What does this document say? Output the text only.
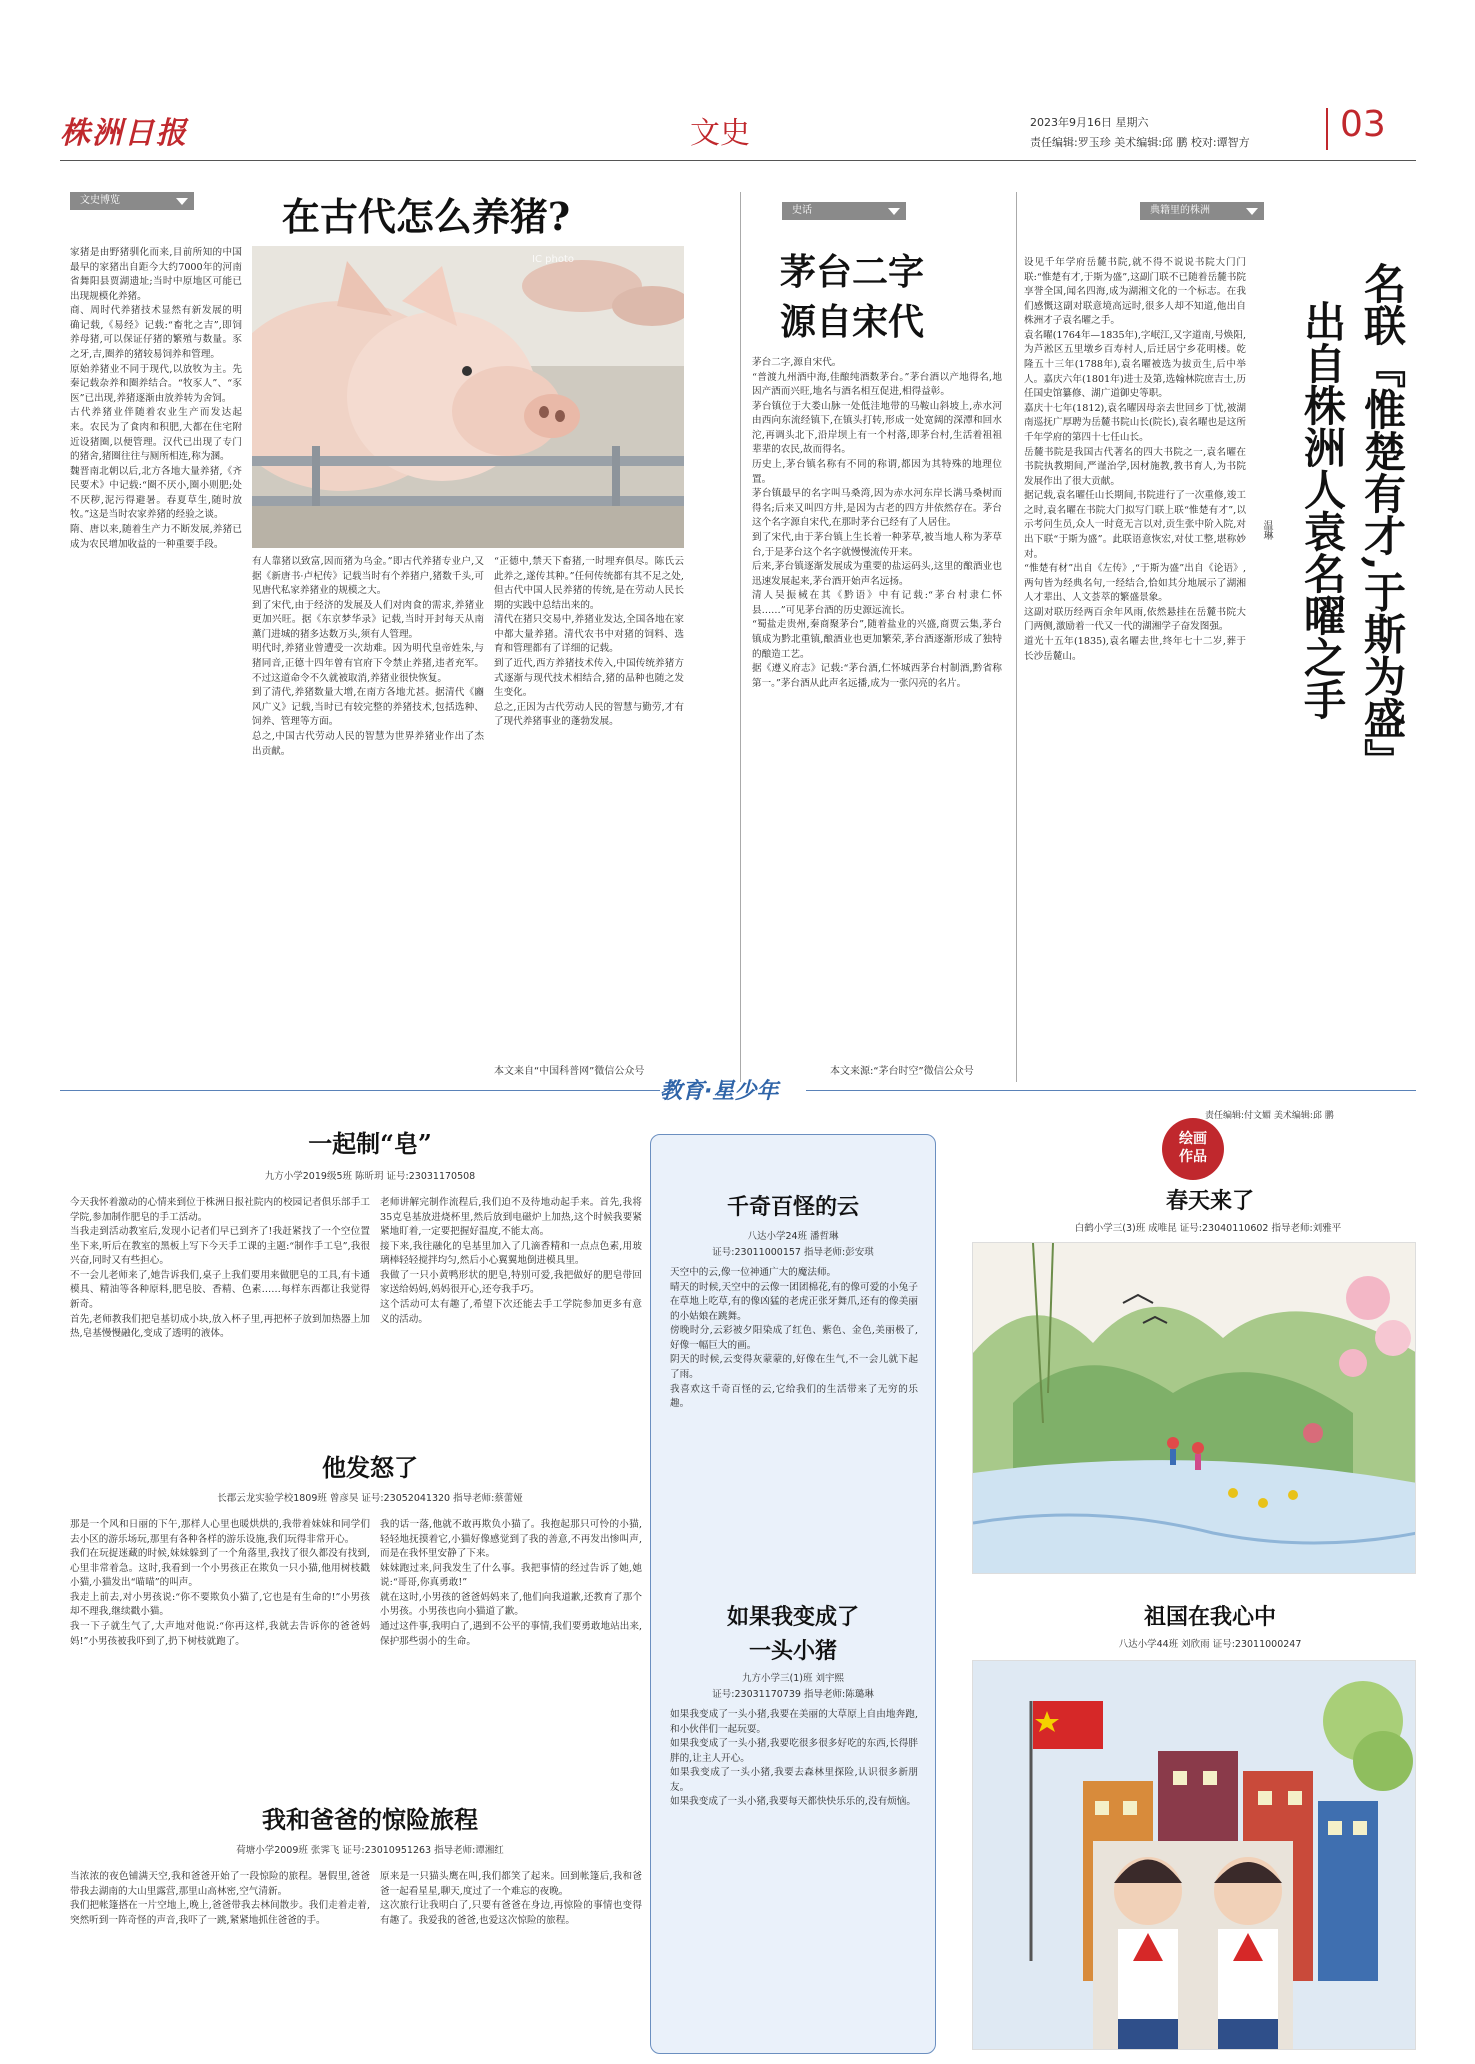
株洲日报	文史	2023年9月16日 星期六
责任编辑:罗玉珍 美术编辑:邱 鹏 校对:谭智方	03
文史博览	在古代怎么养猪?
IC photo
家猪是由野猪驯化而来,目前所知的中国最早的家猪出自距今大约7000年的河南省舞阳县贾湖遗址;当时中原地区可能已出现规模化养猪。
商、周时代养猪技术显然有新发展的明确记载,《易经》记载:“畜牝之吉”,即饲养母猪,可以保证仔猪的繁殖与数量。豕之牙,吉,圈养的猪较易饲养和管理。
原始养猪业不同于现代,以放牧为主。先秦记载杂养和圈养结合。“牧豕人”、“豕医”已出现,养猪逐渐由放养转为舍饲。
古代养猪业伴随着农业生产而发达起来。农民为了食肉和积肥,大都在住宅附近设猪圈,以便管理。汉代已出现了专门的猪舍,猪圈往往与厕所相连,称为溷。
魏晋南北朝以后,北方各地大量养猪,《齐民要术》中记载:“圈不厌小,圈小则肥;处不厌秽,泥污得避暑。春夏草生,随时放牧。”这是当时农家养猪的经验之谈。
隋、唐以来,随着生产力不断发展,养猪已成为农民增加收益的一种重要手段。
有人靠猪以致富,因而猪为乌金。”即古代养猪专业户,又据《新唐书·卢杞传》记载当时有个养猪户,猪数千头,可见唐代私家养猪业的规模之大。
到了宋代,由于经济的发展及人们对肉食的需求,养猪业更加兴旺。据《东京梦华录》记载,当时开封每天从南薰门进城的猪多达数万头,须有人管理。
明代时,养猪业曾遭受一次劫难。因为明代皇帝姓朱,与猪同音,正德十四年曾有官府下令禁止养猪,违者充军。不过这道命令不久就被取消,养猪业很快恢复。
到了清代,养猪数量大增,在南方各地尤甚。据清代《豳风广义》记载,当时已有较完整的养猪技术,包括选种、饲养、管理等方面。
总之,中国古代劳动人民的智慧为世界养猪业作出了杰出贡献。
“正德中,禁天下畜猪,一时埋弃俱尽。陈氏云此养之,遂传其种。”任何传统都有其不足之处,但古代中国人民养猪的传统,是在劳动人民长期的实践中总结出来的。
清代在猪只交易中,养猪业发达,全国各地在家中都大量养猪。清代农书中对猪的饲料、选育和管理都有了详细的记载。
到了近代,西方养猪技术传入,中国传统养猪方式逐渐与现代技术相结合,猪的品种也随之发生变化。
总之,正因为古代劳动人民的智慧与勤劳,才有了现代养猪事业的蓬勃发展。
本文来自“中国科普网”微信公众号
史话
茅台二字
源自宋代
茅台二字,源自宋代。
“普渡九州酒中海,佳酿纯酒数茅台。”茅台酒以产地得名,地因产酒而兴旺,地名与酒名相互促进,相得益彰。
茅台镇位于大娄山脉一处低洼地带的马鞍山斜坡上,赤水河由西向东流经镇下,在镇头打转,形成一处宽阔的深潭和回水沱,再调头北下,沿岸坝上有一个村落,即茅台村,生活着祖祖辈辈的农民,故而得名。
历史上,茅台镇名称有不同的称谓,都因为其特殊的地理位置。
茅台镇最早的名字叫马桑湾,因为赤水河东岸长满马桑树而得名;后来又叫四方井,是因为古老的四方井依然存在。茅台这个名字源自宋代,在那时茅台已经有了人居住。
到了宋代,由于茅台镇上生长着一种茅草,被当地人称为茅草台,于是茅台这个名字就慢慢流传开来。
后来,茅台镇逐渐发展成为重要的盐运码头,这里的酿酒业也迅速发展起来,茅台酒开始声名远扬。
清人吴振棫在其《黔语》中有记载:“茅台村隶仁怀县……”可见茅台酒的历史源远流长。
“蜀盐走贵州,秦商聚茅台”,随着盐业的兴盛,商贾云集,茅台镇成为黔北重镇,酿酒业也更加繁荣,茅台酒逐渐形成了独特的酿造工艺。
据《遵义府志》记载:“茅台酒,仁怀城西茅台村制酒,黔省称第一。”茅台酒从此声名远播,成为一张闪亮的名片。
本文来源:“茅台时空”微信公众号
典籍里的株洲
设见千年学府岳麓书院,就不得不说说书院大门门联:“惟楚有才,于斯为盛”,这副门联不已随着岳麓书院享誉全国,闻名四海,成为湖湘文化的一个标志。在我们感慨这副对联意境高远时,很多人却不知道,他出自株洲才子袁名曜之手。
袁名曜(1764年—1835年),字岷江,又字道南,号焕阳,为芦淞区五里墩乡百寿村人,后迁居宁乡花明楼。乾隆五十三年(1788年),袁名曜被选为拔贡生,后中举人。嘉庆六年(1801年)进士及第,选翰林院庶吉士,历任国史馆纂修、湖广道御史等职。
嘉庆十七年(1812),袁名曜因母亲去世回乡丁忧,被湖南巡抚广厚聘为岳麓书院山长(院长),袁名曜也是这所千年学府的第四十七任山长。
岳麓书院是我国古代著名的四大书院之一,袁名曜在书院执教期间,严谨治学,因材施教,教书育人,为书院发展作出了很大贡献。
据记载,袁名曜任山长期间,书院进行了一次重修,竣工之时,袁名曜在书院大门拟写门联上联“惟楚有才”,以示考问生员,众人一时竟无言以对,贡生张中阶入院,对出下联“于斯为盛”。此联语意恢宏,对仗工整,堪称妙对。
“惟楚有材”出自《左传》,“于斯为盛”出自《论语》,两句皆为经典名句,一经结合,恰如其分地展示了湖湘人才辈出、人文荟萃的繁盛景象。
这副对联历经两百余年风雨,依然悬挂在岳麓书院大门两侧,激励着一代又一代的湖湘学子奋发图强。
道光十五年(1835),袁名曜去世,终年七十二岁,葬于长沙岳麓山。
温琳 名联『惟楚有才,于斯为盛』
出自株洲人袁名曜之手
教育·星少年
责任编辑:付文媚 美术编辑:邱 鹏
一起制“皂”
九方小学2019级5班 陈昕玥 证号:23031170508
今天我怀着激动的心情来到位于株洲日报社院内的校园记者俱乐部手工学院,参加制作肥皂的手工活动。
当我走到活动教室后,发现小记者们早已到齐了!我赶紧找了一个空位置坐下来,听后在教室的黑板上写下今天手工课的主题:“制作手工皂”,我很兴奋,同时又有些担心。
不一会儿老师来了,她告诉我们,桌子上我们要用来做肥皂的工具,有卡通模具、精油等各种原料,肥皂胶、香精、色素……每样东西都让我觉得新奇。
首先,老师教我们把皂基切成小块,放入杯子里,再把杯子放到加热器上加热,皂基慢慢融化,变成了透明的液体。
老师讲解完制作流程后,我们迫不及待地动起手来。首先,我将35克皂基放进烧杯里,然后放到电磁炉上加热,这个时候我要紧紧地盯着,一定要把握好温度,不能太高。
接下来,我往融化的皂基里加入了几滴香精和一点点色素,用玻璃棒轻轻搅拌均匀,然后小心翼翼地倒进模具里。
我做了一只小黄鸭形状的肥皂,特别可爱,我把做好的肥皂带回家送给妈妈,妈妈很开心,还夸我手巧。
这个活动可太有趣了,希望下次还能去手工学院参加更多有意义的活动。
他发怒了
长郡云龙实验学校1809班 曾彦昊 证号:23052041320 指导老师:蔡蕾娅
那是一个风和日丽的下午,那样人心里也暖烘烘的,我带着妹妹和同学们去小区的游乐场玩,那里有各种各样的游乐设施,我们玩得非常开心。
我们在玩捉迷藏的时候,妹妹躲到了一个角落里,我找了很久都没有找到,心里非常着急。这时,我看到一个小男孩正在欺负一只小猫,他用树枝戳小猫,小猫发出“喵喵”的叫声。
我走上前去,对小男孩说:“你不要欺负小猫了,它也是有生命的!”小男孩却不理我,继续戳小猫。
我一下子就生气了,大声地对他说:“你再这样,我就去告诉你的爸爸妈妈!”小男孩被我吓到了,扔下树枝就跑了。
我的话一落,他就不敢再欺负小猫了。我抱起那只可怜的小猫,轻轻地抚摸着它,小猫好像感觉到了我的善意,不再发出惨叫声,而是在我怀里安静了下来。
妹妹跑过来,问我发生了什么事。我把事情的经过告诉了她,她说:“哥哥,你真勇敢!”
就在这时,小男孩的爸爸妈妈来了,他们向我道歉,还教育了那个小男孩。小男孩也向小猫道了歉。
通过这件事,我明白了,遇到不公平的事情,我们要勇敢地站出来,保护那些弱小的生命。
我和爸爸的惊险旅程
荷塘小学2009班 张霁飞 证号:23010951263 指导老师:谭湘红
当浓浓的夜色铺满天空,我和爸爸开始了一段惊险的旅程。暑假里,爸爸带我去湖南的大山里露营,那里山高林密,空气清新。
我们把帐篷搭在一片空地上,晚上,爸爸带我去林间散步。我们走着走着,突然听到一阵奇怪的声音,我吓了一跳,紧紧地抓住爸爸的手。
原来是一只猫头鹰在叫,我们都笑了起来。回到帐篷后,我和爸爸一起看星星,聊天,度过了一个难忘的夜晚。
这次旅行让我明白了,只要有爸爸在身边,再惊险的事情也变得有趣了。我爱我的爸爸,也爱这次惊险的旅程。
千奇百怪的云
八达小学24班 潘哲琳
证号:23011000157 指导老师:彭安琪
天空中的云,像一位神通广大的魔法师。
晴天的时候,天空中的云像一团团棉花,有的像可爱的小兔子在草地上吃草,有的像凶猛的老虎正张牙舞爪,还有的像美丽的小姑娘在跳舞。
傍晚时分,云彩被夕阳染成了红色、紫色、金色,美丽极了,好像一幅巨大的画。
阴天的时候,云变得灰蒙蒙的,好像在生气,不一会儿就下起了雨。
我喜欢这千奇百怪的云,它给我们的生活带来了无穷的乐趣。
如果我变成了
一头小猪
九方小学三(1)班 刘宇熙
证号:23031170739 指导老师:陈璐琳
如果我变成了一头小猪,我要在美丽的大草原上自由地奔跑,和小伙伴们一起玩耍。
如果我变成了一头小猪,我要吃很多很多好吃的东西,长得胖胖的,让主人开心。
如果我变成了一头小猪,我要去森林里探险,认识很多新朋友。
如果我变成了一头小猪,我要每天都快快乐乐的,没有烦恼。
绘画
作品
春天来了
白鹤小学三(3)班 成唯昆 证号:23040110602 指导老师:刘雅平
祖国在我心中
八达小学44班 刘欣雨 证号:23011000247
